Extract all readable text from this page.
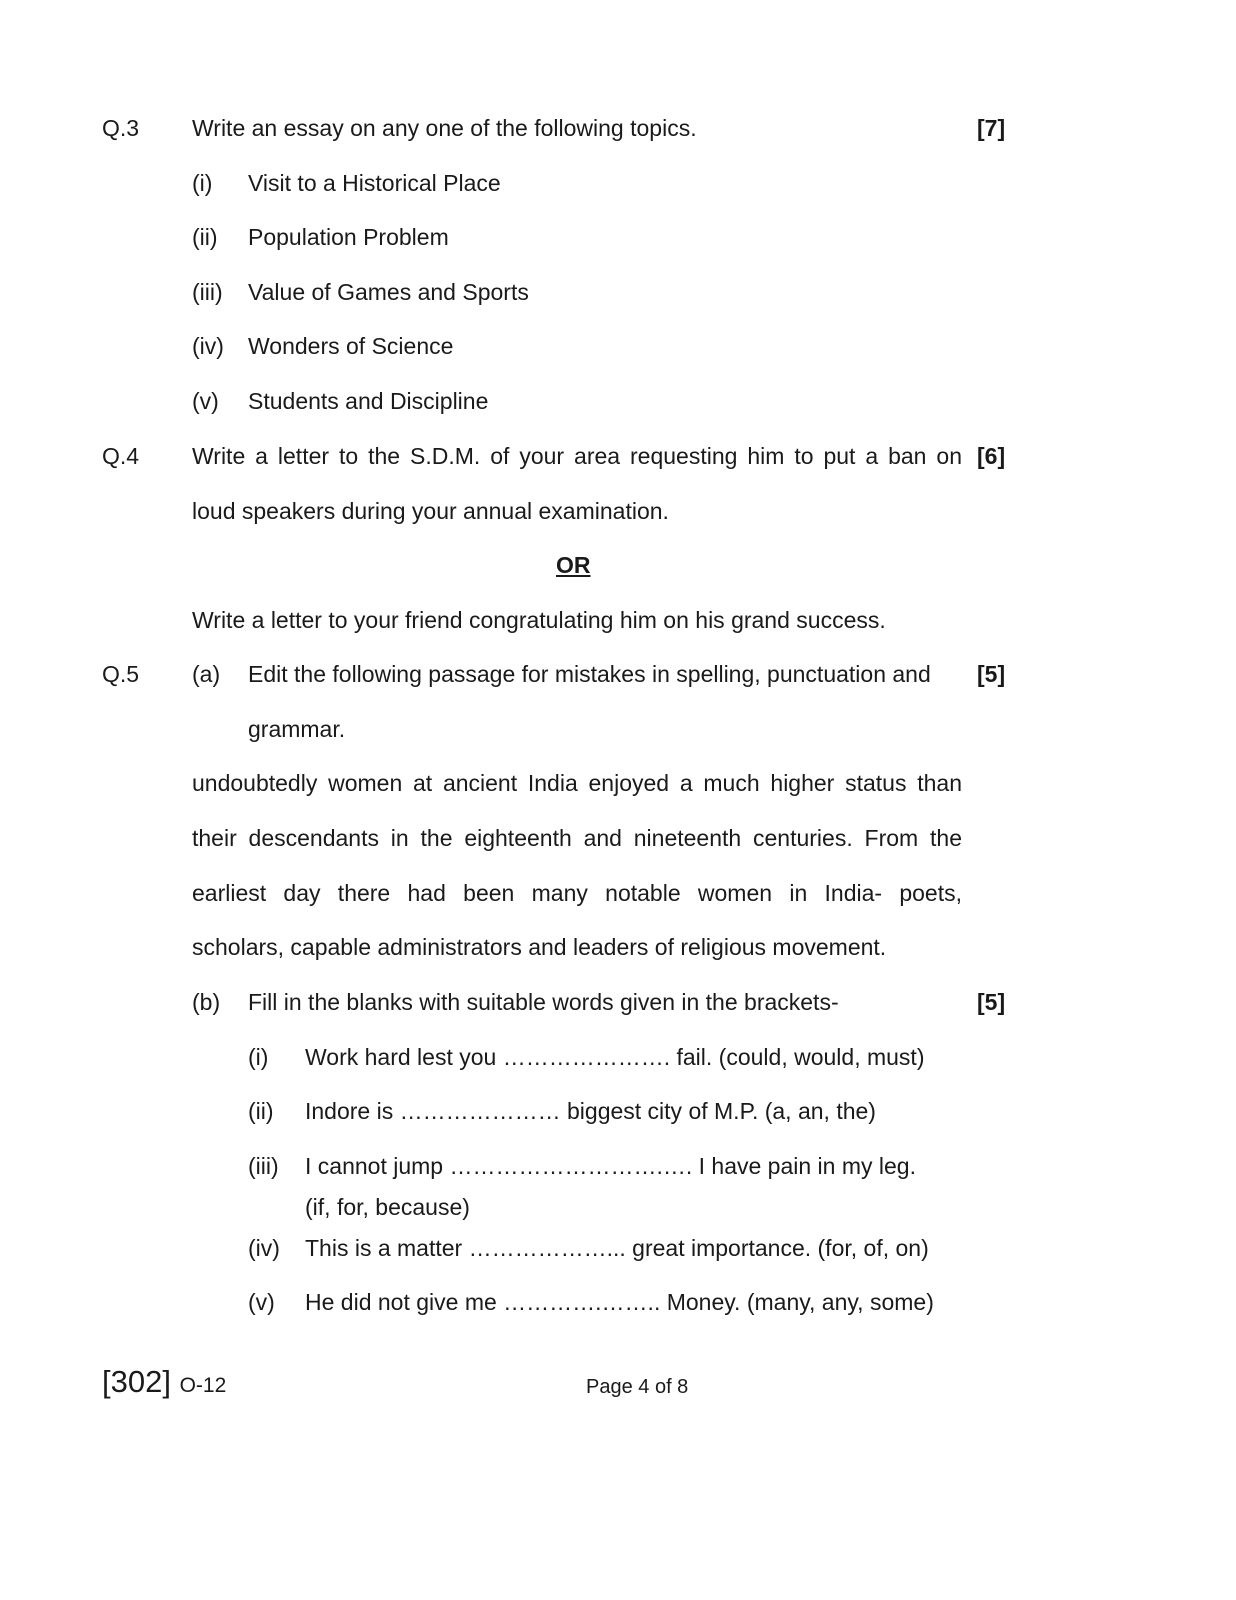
Q.3 Write an essay on any one of the following topics.	[7]
(i) Visit to a Historical Place
(ii) Population Problem
(iii) Value of Games and Sports
(iv) Wonders of Science
(v) Students and Discipline
Q.4 Write a letter to the S.D.M. of your area requesting him to put a ban on [6]
loud speakers during your annual examination.
OR
Write a letter to your friend congratulating him on his grand success.
Q.5 (a) Edit the following passage for mistakes in spelling, punctuation and [5]
grammar.
undoubtedly women at ancient India enjoyed a much higher status than
their descendants in the eighteenth and nineteenth centuries. From the
earliest day there had been many notable women in India- poets,
scholars, capable administrators and leaders of religious movement.
(b) Fill in the blanks with suitable words given in the brackets-	[5]
(i) Work hard lest you …………………. fail. (could, would, must)
(ii) Indore is ………………… biggest city of M.P. (a, an, the)
(iii) I cannot jump ……………………….…. I have pain in my leg.
(if, for, because)
(iv) This is a matter ………………... great importance. (for, of, on)
(v) He did not give me ………….…….. Money. (many, any, some)
[302] O-12	Page 4 of 8
